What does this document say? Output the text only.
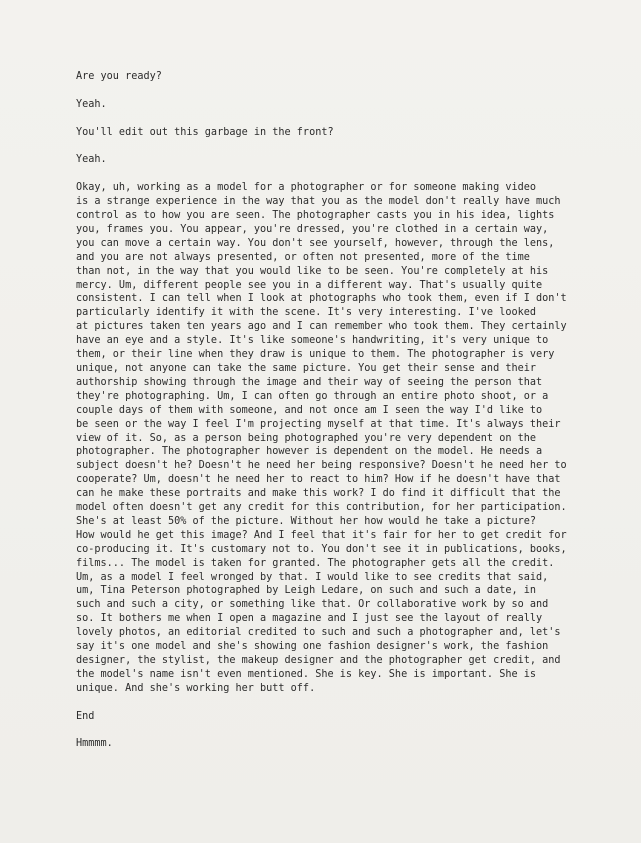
Are you ready?
Yeah.
You'll edit out this garbage in the front?
Yeah.
Okay, uh, working as a model for a photographer or for someone making video
is a strange experience in the way that you as the model don't really have much
control as to how you are seen. The photographer casts you in his idea, lights
you, frames you. You appear, you're dressed, you're clothed in a certain way,
you can move a certain way. You don't see yourself, however, through the lens,
and you are not always presented, or often not presented, more of the time
than not, in the way that you would like to be seen. You're completely at his
mercy. Um, different people see you in a different way. That's usually quite
consistent. I can tell when I look at photographs who took them, even if I don't
particularly identify it with the scene. It's very interesting. I've looked
at pictures taken ten years ago and I can remember who took them. They certainly
have an eye and a style. It's like someone's handwriting, it's very unique to
them, or their line when they draw is unique to them. The photographer is very
unique, not anyone can take the same picture. You get their sense and their
authorship showing through the image and their way of seeing the person that
they're photographing. Um, I can often go through an entire photo shoot, or a
couple days of them with someone, and not once am I seen the way I'd like to
be seen or the way I feel I'm projecting myself at that time. It's always their
view of it. So, as a person being photographed you're very dependent on the
photographer. The photographer however is dependent on the model. He needs a
subject doesn't he? Doesn't he need her being responsive? Doesn't he need her to
cooperate? Um, doesn't he need her to react to him? How if he doesn't have that
can he make these portraits and make this work? I do find it difficult that the
model often doesn't get any credit for this contribution, for her participation.
She's at least 50% of the picture. Without her how would he take a picture?
How would he get this image? And I feel that it's fair for her to get credit for
co-producing it. It's customary not to. You don't see it in publications, books,
films... The model is taken for granted. The photographer gets all the credit.
Um, as a model I feel wronged by that. I would like to see credits that said,
um, Tina Peterson photographed by Leigh Ledare, on such and such a date, in
such and such a city, or something like that. Or collaborative work by so and
so. It bothers me when I open a magazine and I just see the layout of really
lovely photos, an editorial credited to such and such a photographer and, let's
say it's one model and she's showing one fashion designer's work, the fashion
designer, the stylist, the makeup designer and the photographer get credit, and
the model's name isn't even mentioned. She is key. She is important. She is
unique. And she's working her butt off.
End
Hmmmm.
